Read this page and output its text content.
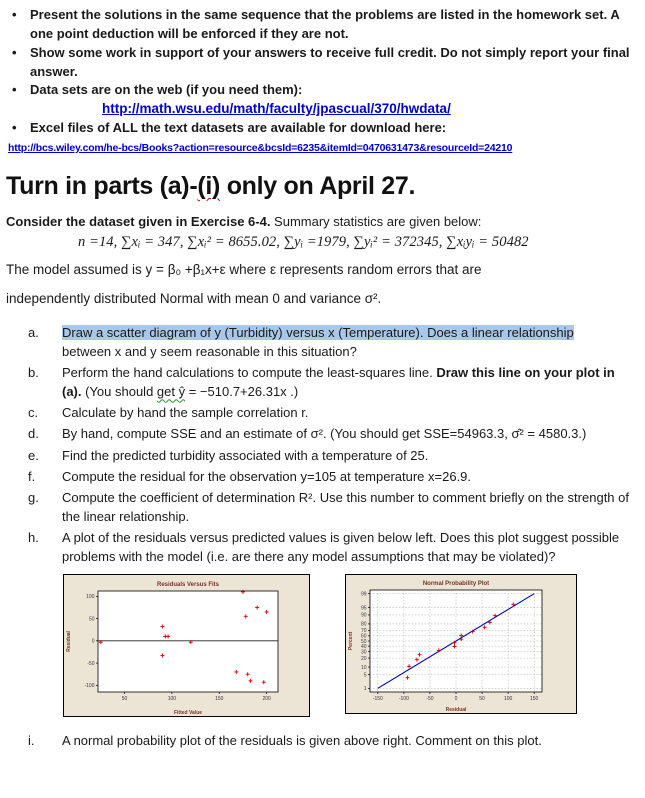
• Present the solutions in the same sequence that the problems are listed in the homework set. A one point deduction will be enforced if they are not.
• Show some work in support of your answers to receive full credit. Do not simply report your final answer.
• Data sets are on the web (if you need them):
http://math.wsu.edu/math/faculty/jpascual/370/hwdata/
• Excel files of ALL the text datasets are available for download here:
http://bcs.wiley.com/he-bcs/Books?action=resource&bcsId=6235&itemId=0470631473&resourceId=24210
Turn in parts (a)-(i) only on April 27.

Consider the dataset given in Exercise 6-4. Summary statistics are given below:

n =14, ∑xᵢ = 347, ∑xᵢ² = 8655.02, ∑yᵢ =1979, ∑yᵢ² = 372345, ∑xᵢyᵢ = 50482

The model assumed is y = β₀ +β₁x+ε where ε represents random errors that are
independently distributed Normal with mean 0 and variance σ².

a.	Draw a scatter diagram of y (Turbidity) versus x (Temperature). Does a linear relationship
between x and y seem reasonable in this situation?
b.	Perform the hand calculations to compute the least-squares line. Draw this line on your plot in (a). (You should get ŷ = −510.7+26.31x .)
c.	Calculate by hand the sample correlation r.
d.	By hand, compute SSE and an estimate of σ². (You should get SSE=54963.3, σ̂² = 4580.3.)
e.	Find the predicted turbidity associated with a temperature of 25.
f.	Compute the residual for the observation y=105 at temperature x=26.9.
g.	Compute the coefficient of determination R². Use this number to comment briefly on the strength of the linear relationship.
h.	A plot of the residuals versus predicted values is given below left. Does this plot suggest possible problems with the model (i.e. are there any model assumptions that may be violated)?
50	100	150	200
-100
-50
0
50
100
Residuals Versus Fits
Fitted Value
Residual
-150	-100	-50	0	50	100	150
1
5
10
20
30
40
50
60
70
80
90
95
99
Normal Probability Plot
Residual
Percent
i.	A normal probability plot of the residuals is given above right. Comment on this plot.
